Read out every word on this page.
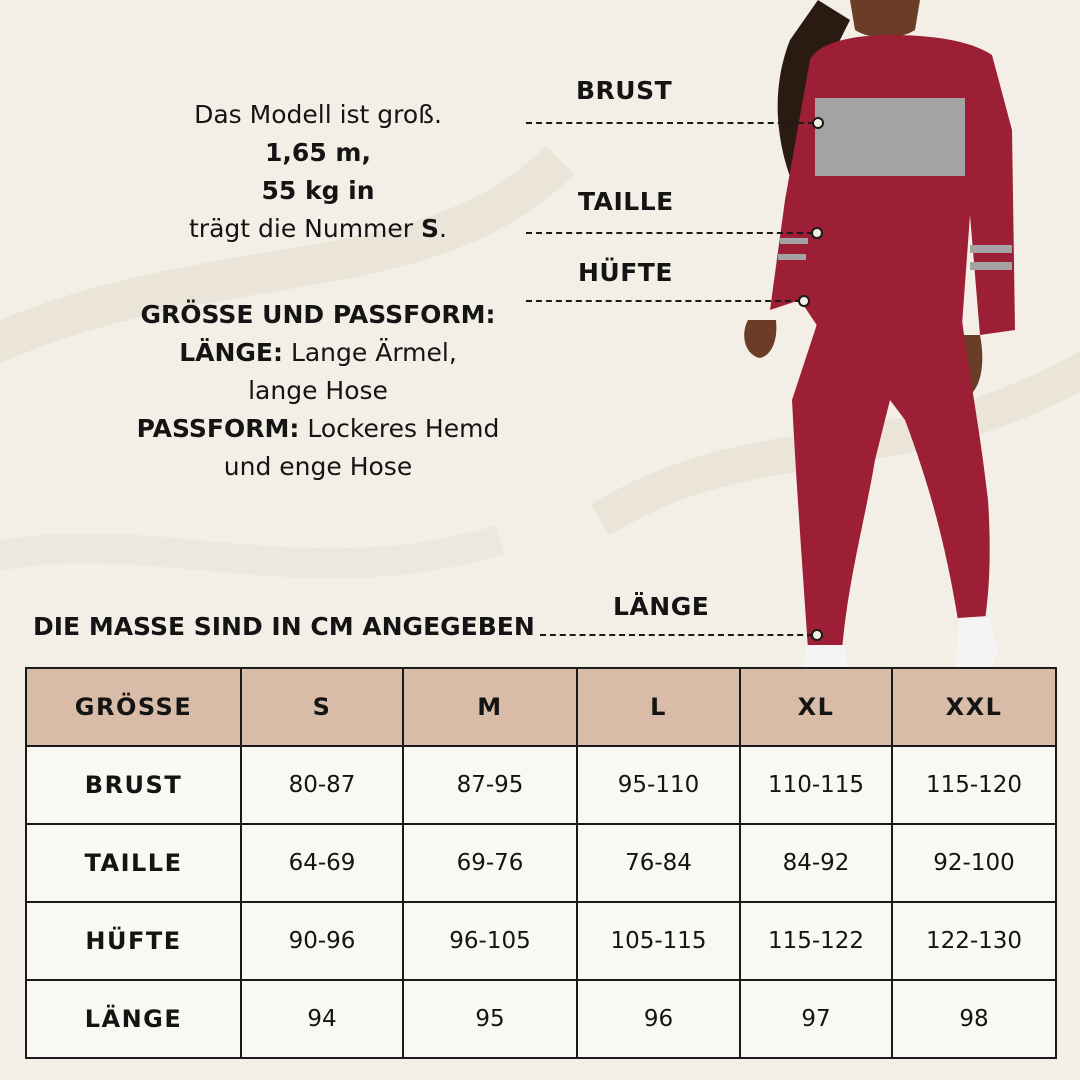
Das Modell ist groß.
1,65 m,
55 kg in
trägt die Nummer S.
GRÖSSE UND PASSFORM:
LÄNGE: Lange Ärmel,
lange Hose
PASSFORM: Lockeres Hemd
und enge Hose
BRUST
TAILLE
HÜFTE
LÄNGE
DIE MASSE SIND IN CM ANGEGEBEN
GRÖSSE	S	M	L	XL	XXL
BRUST	80-87	87-95	95-110	110-115	115-120
TAILLE	64-69	69-76	76-84	84-92	92-100
HÜFTE	90-96	96-105	105-115	115-122	122-130
LÄNGE	94	95	96	97	98
